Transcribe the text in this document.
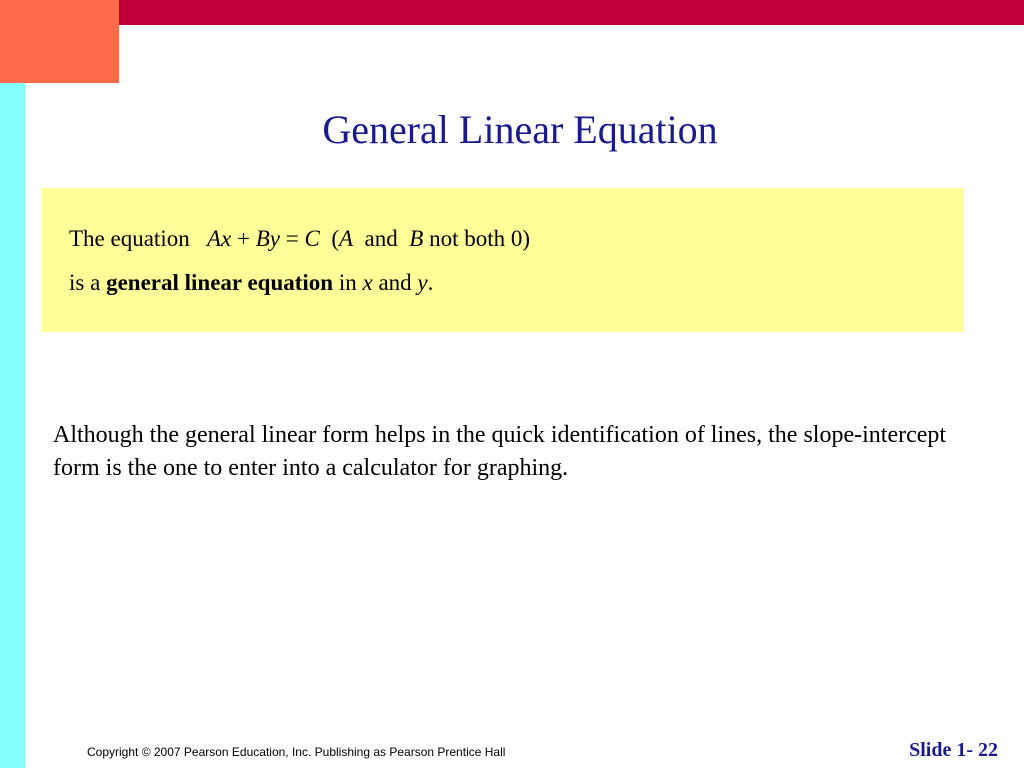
General Linear Equation
The equation Ax + By = C (A and B not both 0)
is a general linear equation in x and y.

Although the general linear form helps in the quick identification of lines, the slope-intercept form is the one to enter into a calculator for graphing.

Copyright © 2007 Pearson Education, Inc. Publishing as Pearson Prentice Hall	Slide 1- 22
